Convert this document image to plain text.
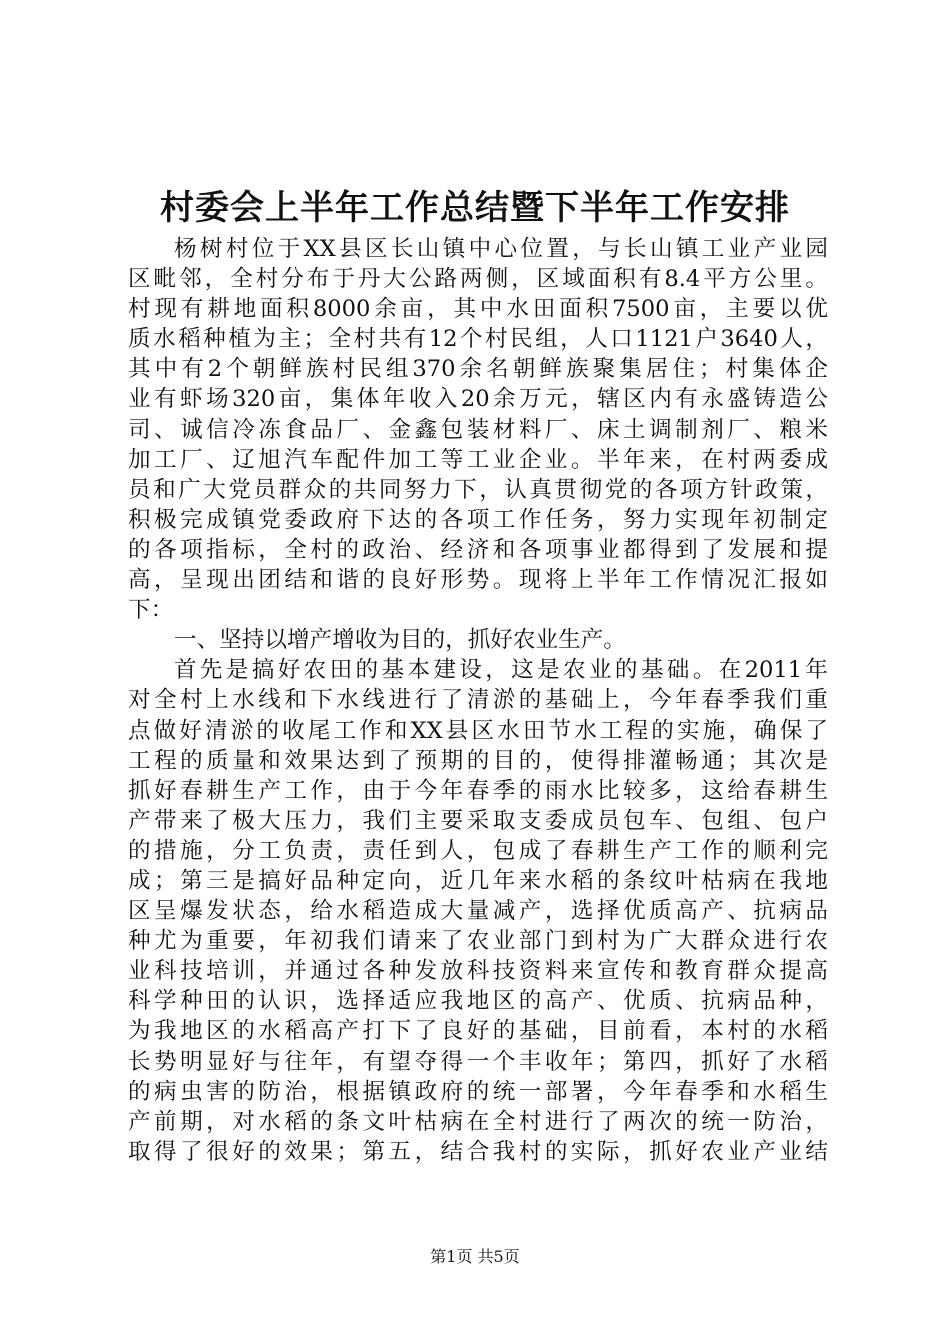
村委会上半年工作总结暨下半年工作安排
杨树村位于XX县区长山镇中心位置，与长山镇工业产业园
区毗邻，全村分布于丹大公路两侧，区域面积有8.4平方公里。
村现有耕地面积8000余亩，其中水田面积7500亩，主要以优
质水稻种植为主；全村共有12个村民组，人口1121户3640人，
其中有2个朝鲜族村民组370余名朝鲜族聚集居住；村集体企
业有虾场320亩，集体年收入20余万元，辖区内有永盛铸造公
司、诚信冷冻食品厂、金鑫包装材料厂、床土调制剂厂、粮米
加工厂、辽旭汽车配件加工等工业企业。半年来，在村两委成
员和广大党员群众的共同努力下，认真贯彻党的各项方针政策，
积极完成镇党委政府下达的各项工作任务，努力实现年初制定
的各项指标，全村的政治、经济和各项事业都得到了发展和提
高，呈现出团结和谐的良好形势。现将上半年工作情况汇报如
下：
一、坚持以增产增收为目的，抓好农业生产。
首先是搞好农田的基本建设，这是农业的基础。在2011年
对全村上水线和下水线进行了清淤的基础上，今年春季我们重
点做好清淤的收尾工作和XX县区水田节水工程的实施，确保了
工程的质量和效果达到了预期的目的，使得排灌畅通；其次是
抓好春耕生产工作，由于今年春季的雨水比较多，这给春耕生
产带来了极大压力，我们主要采取支委成员包车、包组、包户
的措施，分工负责，责任到人，包成了春耕生产工作的顺利完
成；第三是搞好品种定向，近几年来水稻的条纹叶枯病在我地
区呈爆发状态，给水稻造成大量减产，选择优质高产、抗病品
种尤为重要，年初我们请来了农业部门到村为广大群众进行农
业科技培训，并通过各种发放科技资料来宣传和教育群众提高
科学种田的认识，选择适应我地区的高产、优质、抗病品种，
为我地区的水稻高产打下了良好的基础，目前看，本村的水稻
长势明显好与往年，有望夺得一个丰收年；第四，抓好了水稻
的病虫害的防治，根据镇政府的统一部署，今年春季和水稻生
产前期，对水稻的条文叶枯病在全村进行了两次的统一防治，
取得了很好的效果；第五，结合我村的实际，抓好农业产业结
第1页 共5页
